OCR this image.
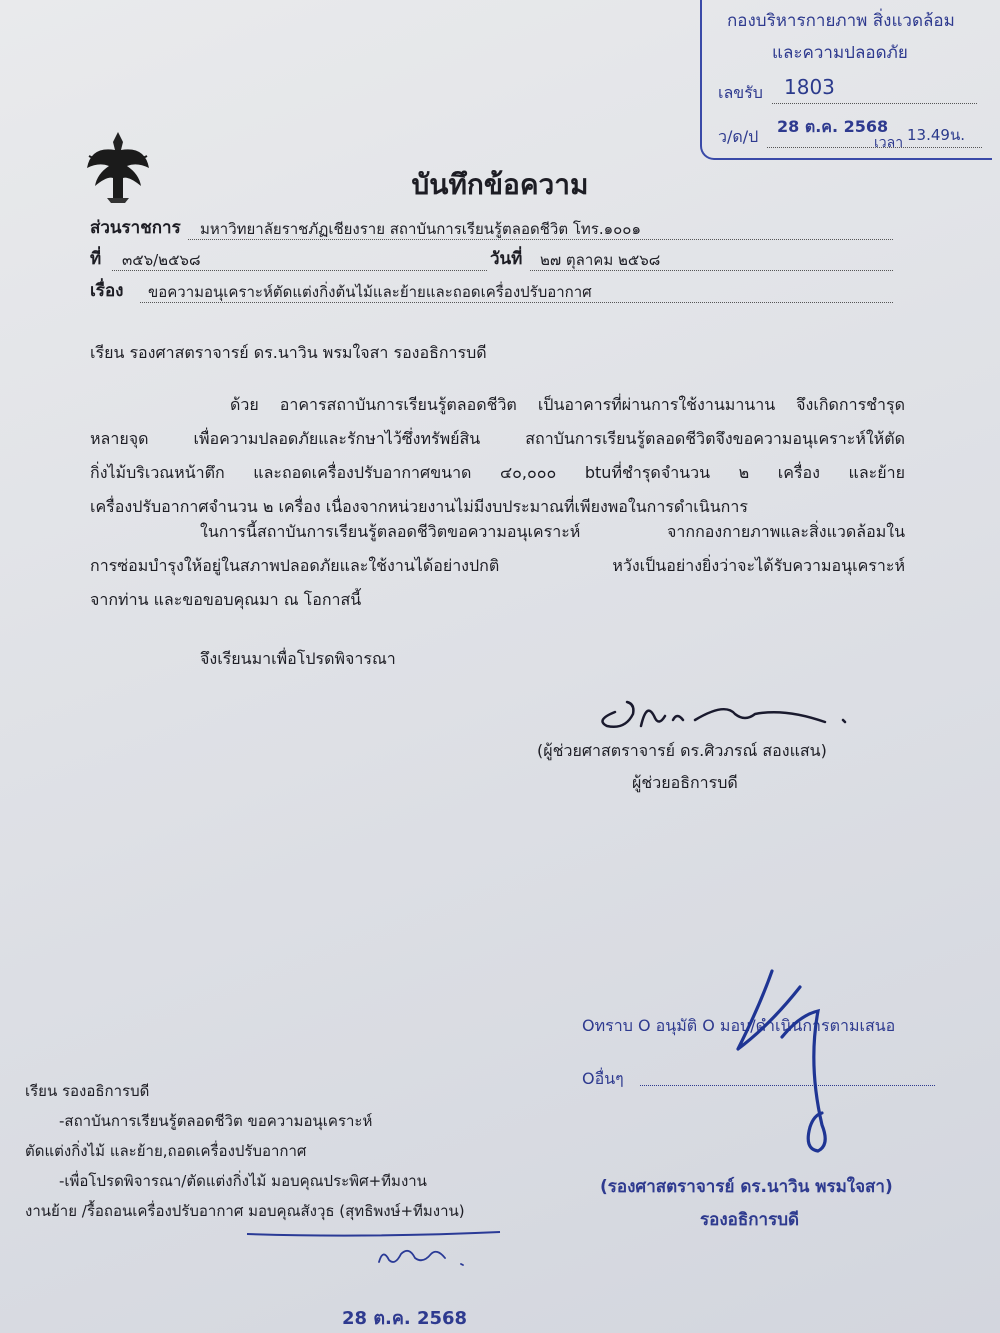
กองบริหารกายภาพ สิ่งแวดล้อม
และความปลอดภัย
เลขรับ 1803
ว/ด/ป
28 ต.ค. 2568
เวลา 13.49น.
บันทึกข้อความ
ส่วนราชการ มหาวิทยาลัยราชภัฏเชียงราย สถาบันการเรียนรู้ตลอดชีวิต โทร.๑๐๐๑
ที่ ๓๕๖/๒๕๖๘	วันที่ ๒๗ ตุลาคม ๒๕๖๘
เรื่อง ขอความอนุเคราะห์ตัดแต่งกิ่งต้นไม้และย้ายและถอดเครื่องปรับอากาศ
เรียน รองศาสตราจารย์ ดร.นาวิน พรมใจสา รองอธิการบดี
ด้วย อาคารสถาบันการเรียนรู้ตลอดชีวิต เป็นอาคารที่ผ่านการใช้งานมานาน จึงเกิดการชำรุด
หลายจุด เพื่อความปลอดภัยและรักษาไว้ซึ่งทรัพย์สิน สถาบันการเรียนรู้ตลอดชีวิตจึงขอความอนุเคราะห์ให้ตัด
กิ่งไม้บริเวณหน้าตึก และถอดเครื่องปรับอากาศขนาด ๔๐,๐๐๐ btuที่ชำรุดจำนวน ๒ เครื่อง และย้าย
เครื่องปรับอากาศจำนวน ๒ เครื่อง เนื่องจากหน่วยงานไม่มีงบประมาณที่เพียงพอในการดำเนินการ
ในการนี้สถาบันการเรียนรู้ตลอดชีวิตขอความอนุเคราะห์ จากกองกายภาพและสิ่งแวดล้อมใน
การซ่อมบำรุงให้อยู่ในสภาพปลอดภัยและใช้งานได้อย่างปกติ หวังเป็นอย่างยิ่งว่าจะได้รับความอนุเคราะห์
จากท่าน และขอขอบคุณมา ณ โอกาสนี้
จึงเรียนมาเพื่อโปรดพิจารณา
(ผู้ช่วยศาสตราจารย์ ดร.ศิวภรณ์ สองแสน)
ผู้ช่วยอธิการบดี
Oทราบ O อนุมัติ O มอบ/ดำเนินการตามเสนอ
Oอื่นๆ
(รองศาสตราจารย์ ดร.นาวิน พรมใจสา)
รองอธิการบดี
เรียน รองอธิการบดี
-สถาบันการเรียนรู้ตลอดชีวิต ขอความอนุเคราะห์
ตัดแต่งกิ่งไม้ และย้าย,ถอดเครื่องปรับอากาศ
-เพื่อโปรดพิจารณา/ตัดแต่งกิ่งไม้ มอบคุณประพิศ+ทีมงาน
งานย้าย /รื้อถอนเครื่องปรับอากาศ มอบคุณสังวุธ (สุทธิพงษ์+ทีมงาน)
28 ต.ค. 2568
